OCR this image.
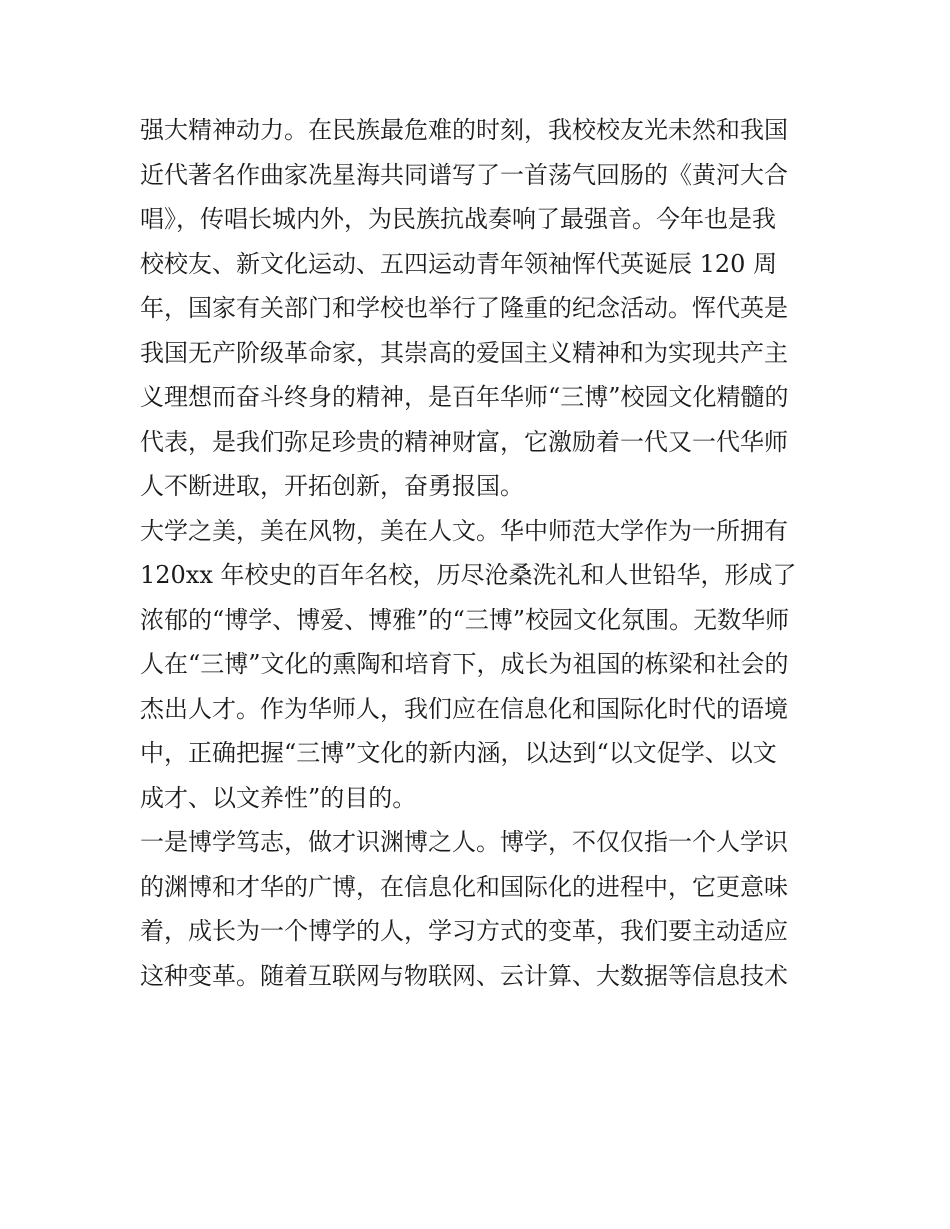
强大精神动力。在民族最危难的时刻，我校校友光未然和我国
近代著名作曲家冼星海共同谱写了一首荡气回肠的《黄河大合
唱》，传唱长城内外，为民族抗战奏响了最强音。今年也是我
校校友、新文化运动、五四运动青年领袖恽代英诞辰 120 周
年，国家有关部门和学校也举行了隆重的纪念活动。恽代英是
我国无产阶级革命家，其崇高的爱国主义精神和为实现共产主
义理想而奋斗终身的精神，是百年华师“三博”校园文化精髓的
代表，是我们弥足珍贵的精神财富，它激励着一代又一代华师
人不断进取，开拓创新，奋勇报国。
大学之美，美在风物，美在人文。华中师范大学作为一所拥有
120xx 年校史的百年名校，历尽沧桑洗礼和人世铅华，形成了
浓郁的“博学、博爱、博雅”的“三博”校园文化氛围。无数华师
人在“三博”文化的熏陶和培育下，成长为祖国的栋梁和社会的
杰出人才。作为华师人，我们应在信息化和国际化时代的语境
中，正确把握“三博”文化的新内涵，以达到“以文促学、以文
成才、以文养性”的目的。
一是博学笃志，做才识渊博之人。博学，不仅仅指一个人学识
的渊博和才华的广博，在信息化和国际化的进程中，它更意味
着，成长为一个博学的人，学习方式的变革，我们要主动适应
这种变革。随着互联网与物联网、云计算、大数据等信息技术
